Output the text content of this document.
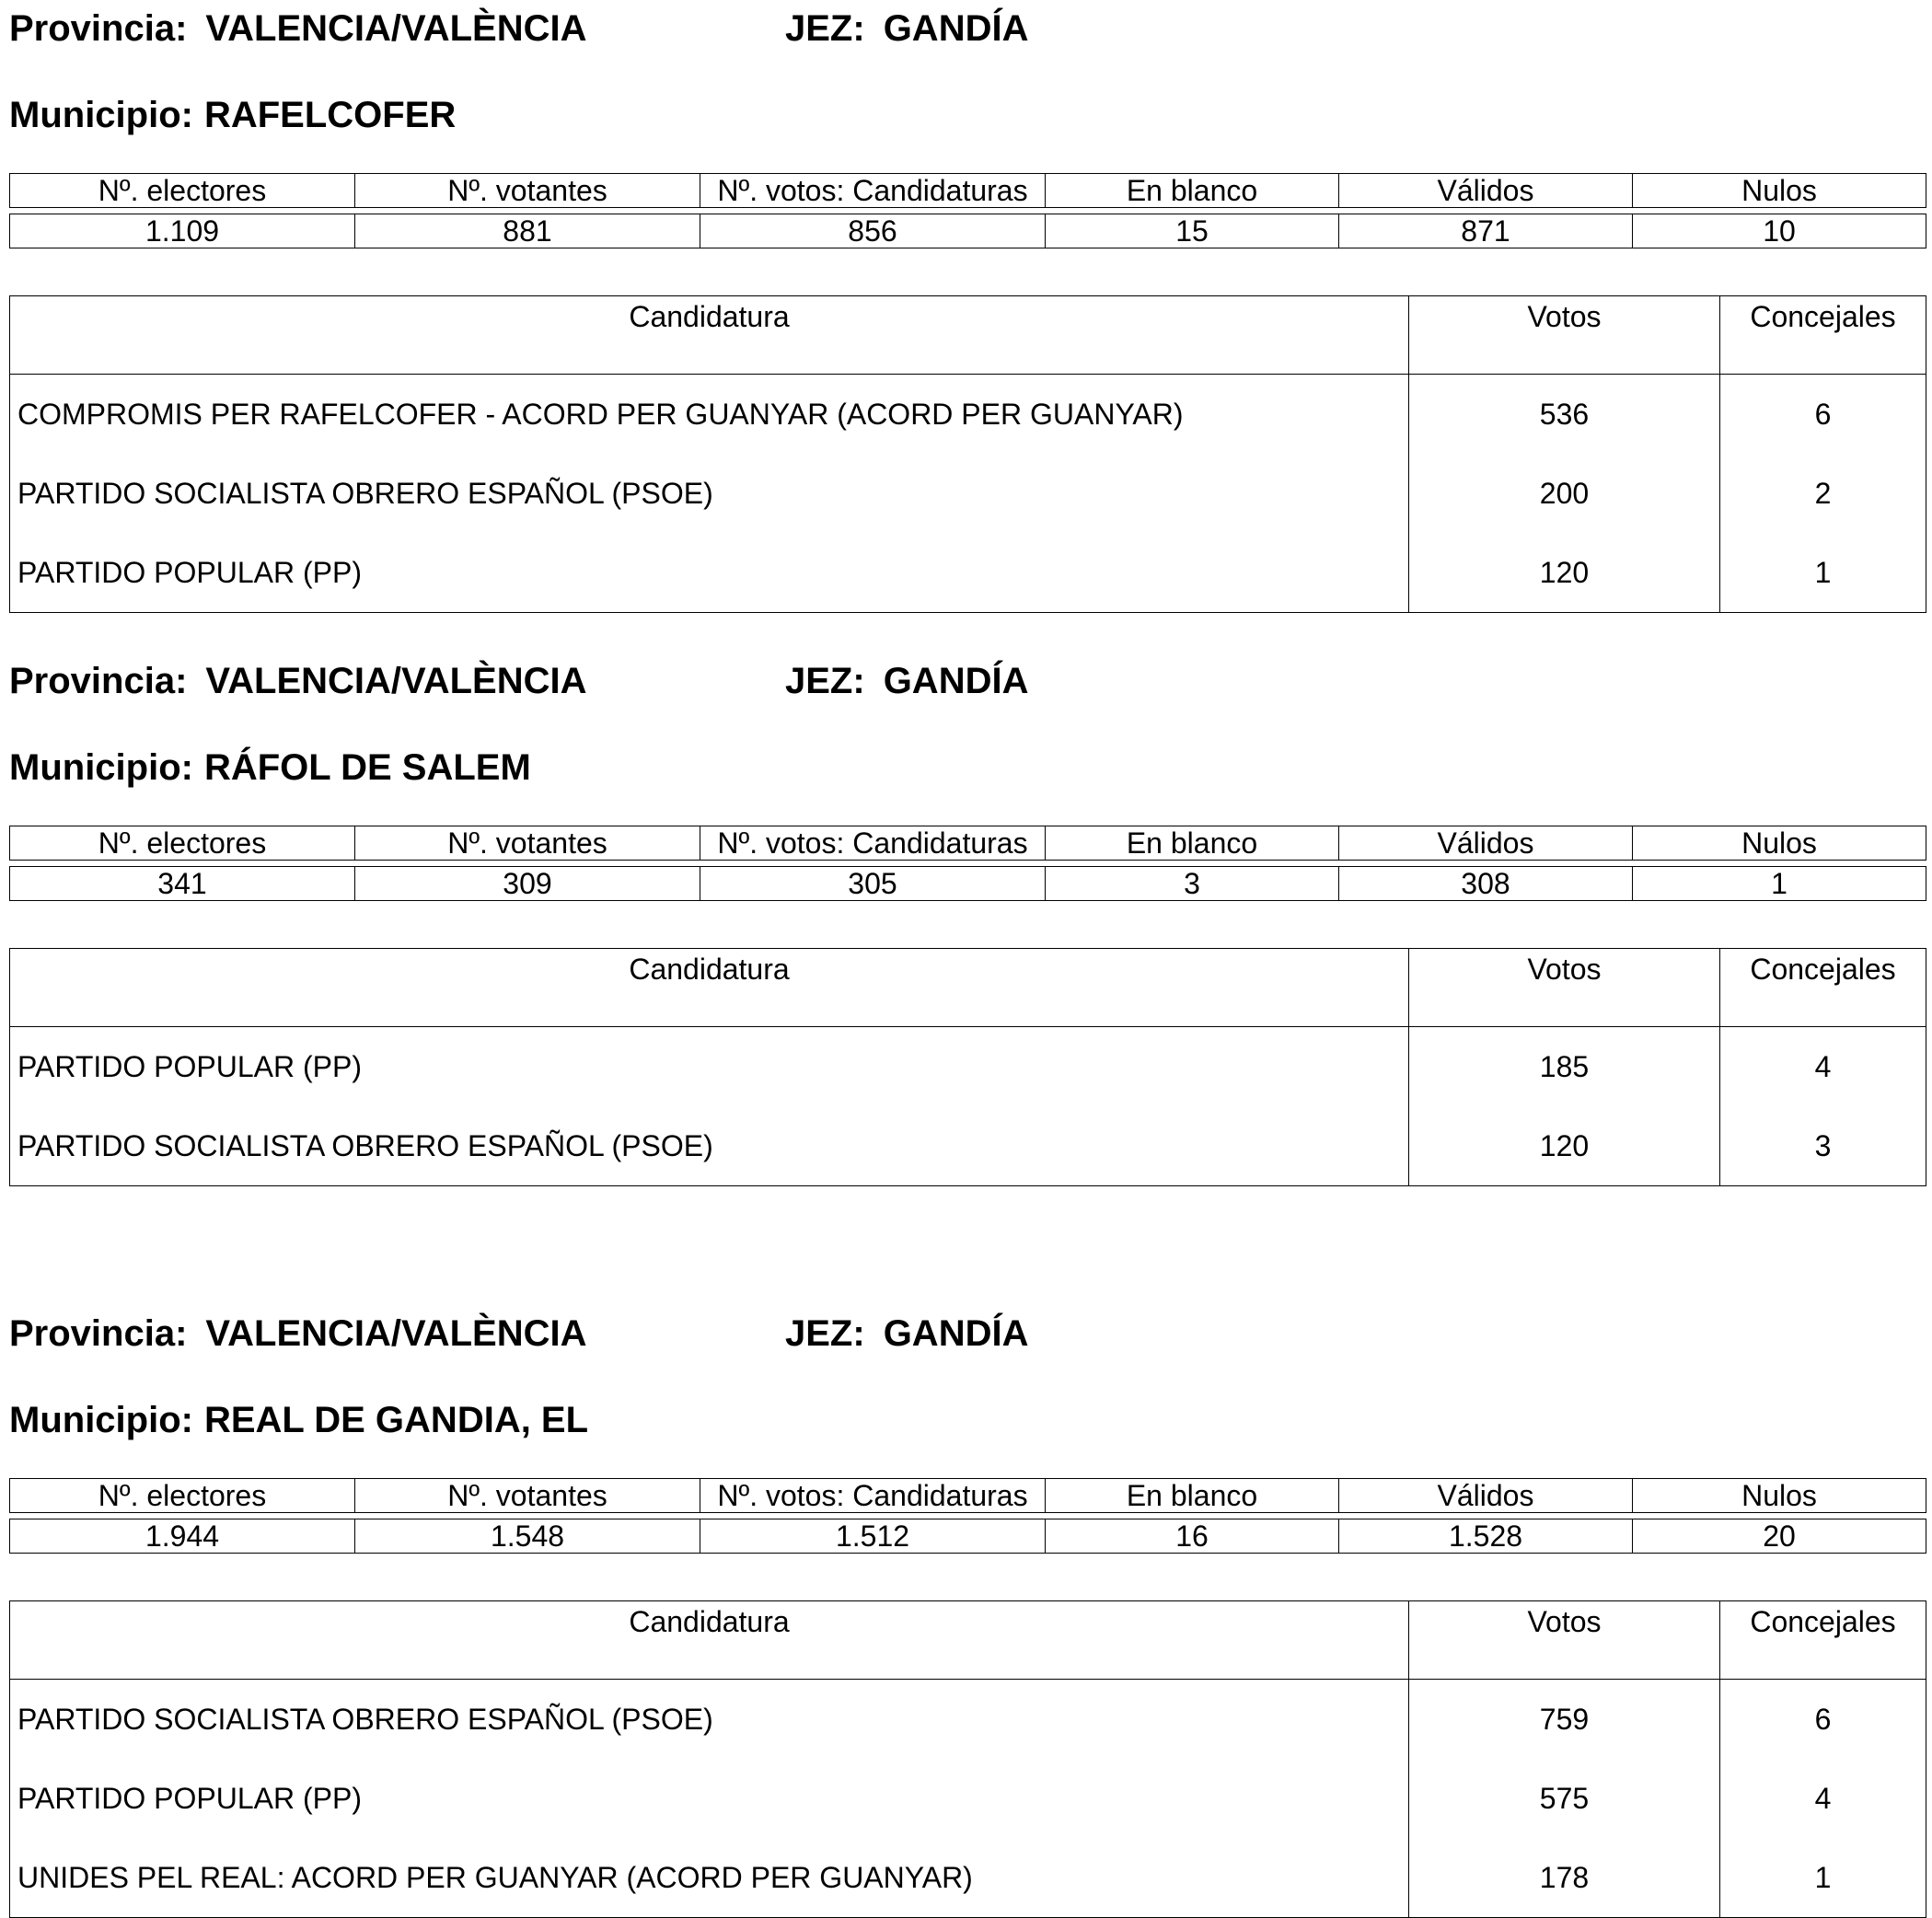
Provincia: VALENCIA/VALÈNCIA	JEZ: GANDÍA
Municipio: RAFELCOFER
Nº. electores	Nº. votantes	Nº. votos: Candidaturas	En blanco	Válidos	Nulos

1.109	881	856	15	871	10
Candidatura	Votos	Concejales
COMPROMIS PER RAFELCOFER - ACORD PER GUANYAR (ACORD PER GUANYAR)	536	6
PARTIDO SOCIALISTA OBRERO ESPAÑOL (PSOE)	200	2
PARTIDO POPULAR (PP)	120	1
Provincia: VALENCIA/VALÈNCIA	JEZ: GANDÍA
Municipio: RÁFOL DE SALEM
Nº. electores	Nº. votantes	Nº. votos: Candidaturas	En blanco	Válidos	Nulos

341	309	305	3	308	1
Candidatura	Votos	Concejales
PARTIDO POPULAR (PP)	185	4
PARTIDO SOCIALISTA OBRERO ESPAÑOL (PSOE)	120	3
Provincia: VALENCIA/VALÈNCIA	JEZ: GANDÍA
Municipio: REAL DE GANDIA, EL
Nº. electores	Nº. votantes	Nº. votos: Candidaturas	En blanco	Válidos	Nulos

1.944	1.548	1.512	16	1.528	20
Candidatura	Votos	Concejales
PARTIDO SOCIALISTA OBRERO ESPAÑOL (PSOE)	759	6
PARTIDO POPULAR (PP)	575	4
UNIDES PEL REAL: ACORD PER GUANYAR (ACORD PER GUANYAR)	178	1
